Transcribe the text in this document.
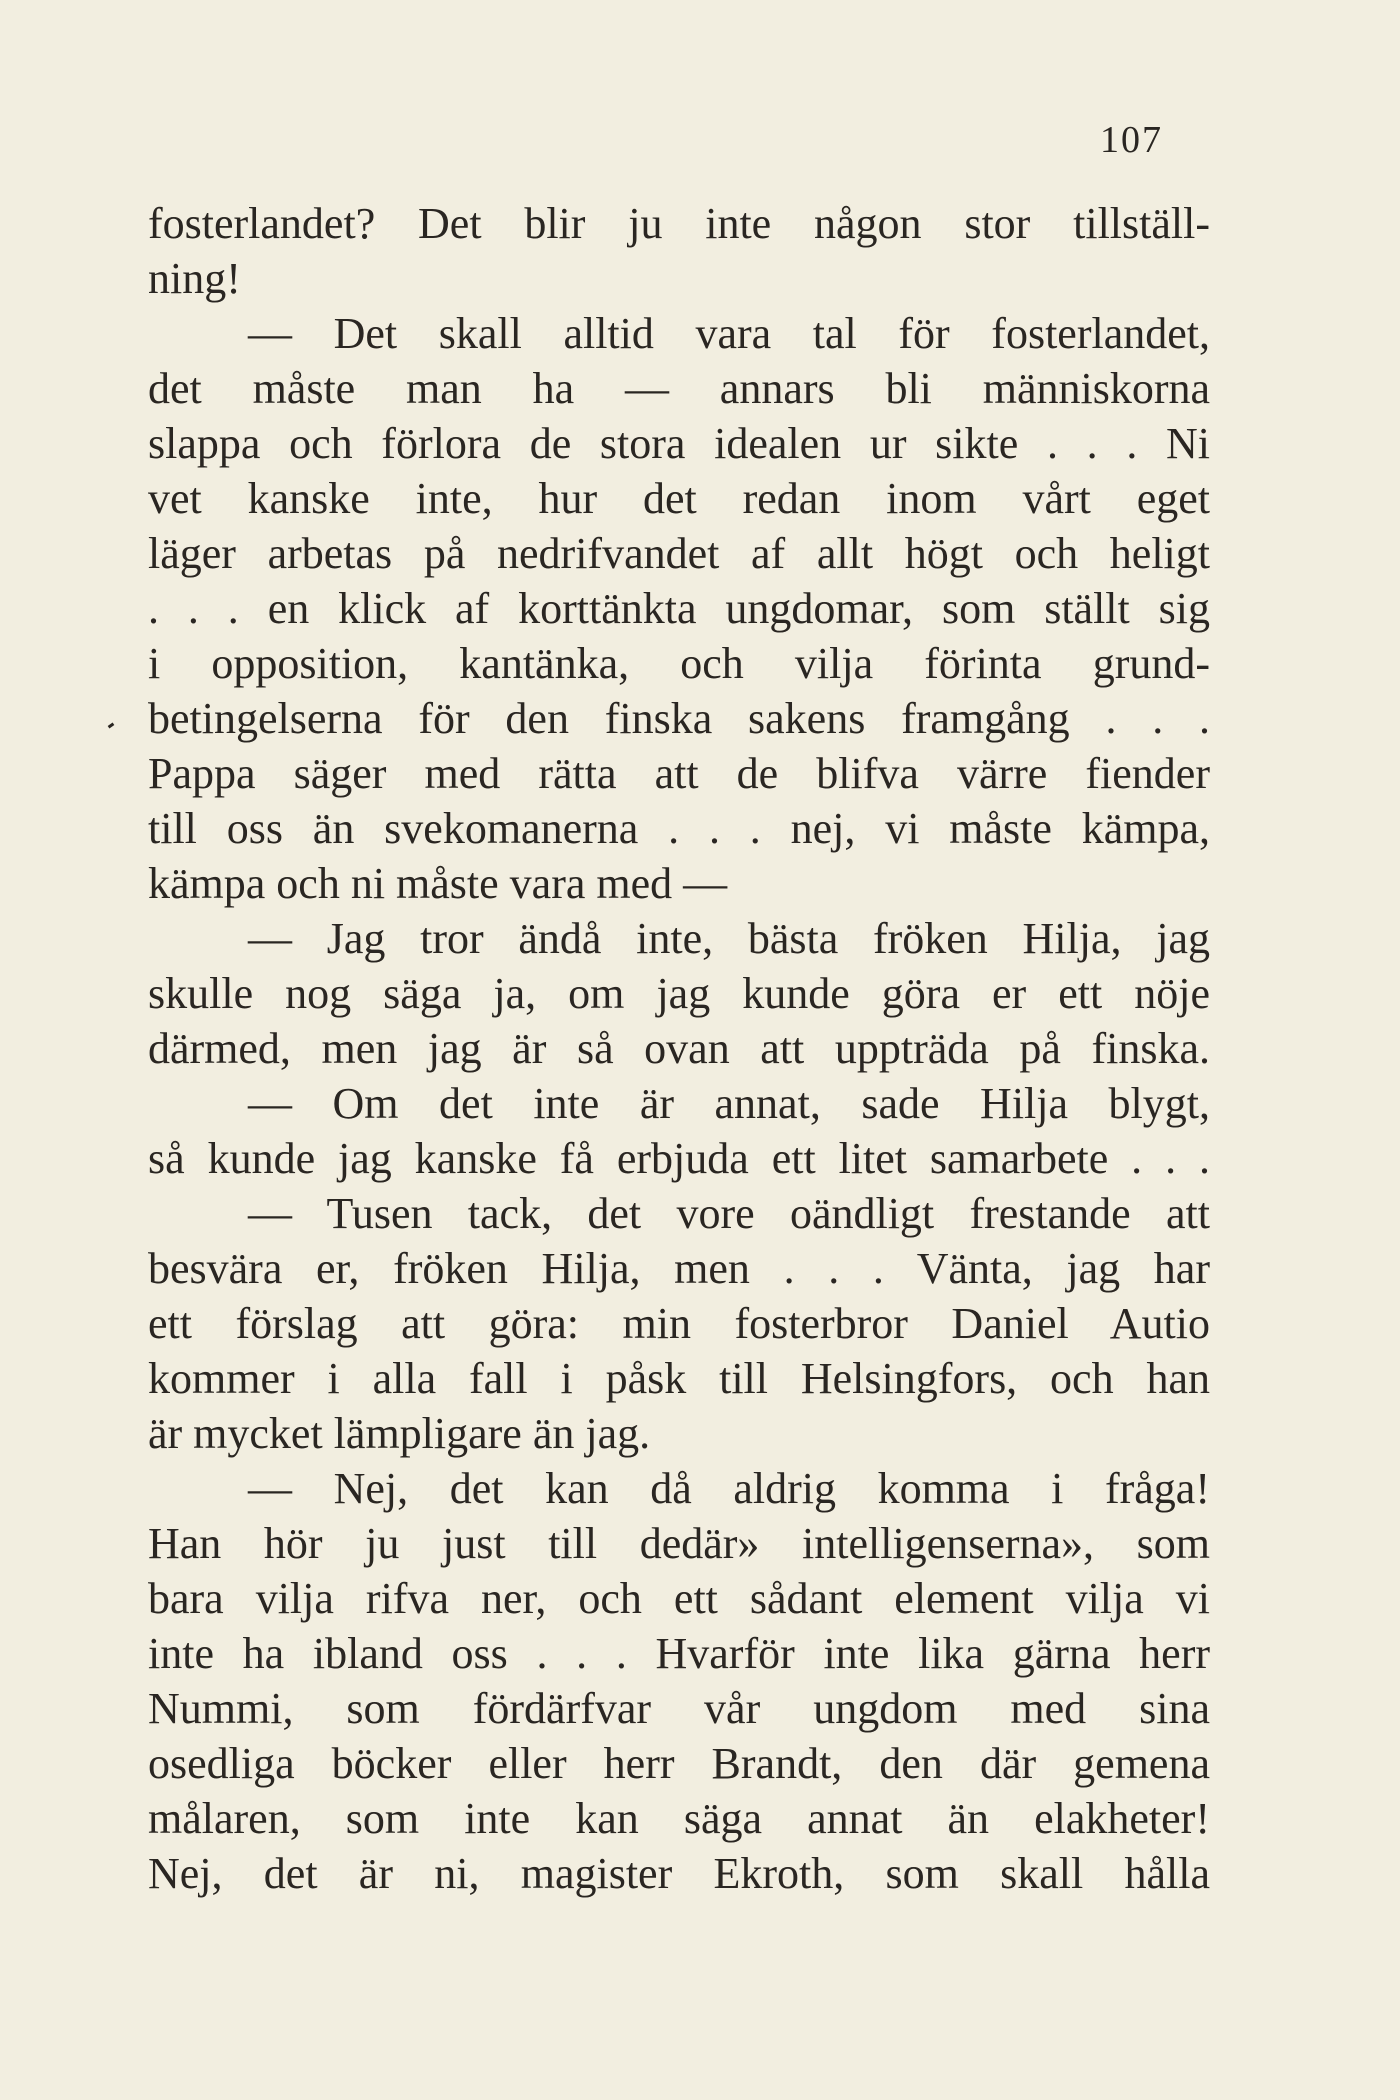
107
fosterlandet? Det blir ju inte någon stor tillställ-
ning!
— Det skall alltid vara tal för fosterlandet,
det måste man ha — annars bli människorna
slappa och förlora de stora idealen ur sikte . . . Ni
vet kanske inte, hur det redan inom vårt eget
läger arbetas på nedrifvandet af allt högt och heligt
. . . en klick af korttänkta ungdomar, som ställt sig
i opposition, kantänka, och vilja förinta grund-
betingelserna för den finska sakens framgång . . .
Pappa säger med rätta att de blifva värre fiender
till oss än svekomanerna . . . nej, vi måste kämpa,
kämpa och ni måste vara med —
— Jag tror ändå inte, bästa fröken Hilja, jag
skulle nog säga ja, om jag kunde göra er ett nöje
därmed, men jag är så ovan att uppträda på finska.
— Om det inte är annat, sade Hilja blygt,
så kunde jag kanske få erbjuda ett litet samarbete . . .
— Tusen tack, det vore oändligt frestande att
besvära er, fröken Hilja, men . . . Vänta, jag har
ett förslag att göra: min fosterbror Daniel Autio
kommer i alla fall i påsk till Helsingfors, och han
är mycket lämpligare än jag.
— Nej, det kan då aldrig komma i fråga!
Han hör ju just till dedär» intelligenserna», som
bara vilja rifva ner, och ett sådant element vilja vi
inte ha ibland oss . . . Hvarför inte lika gärna herr
Nummi, som fördärfvar vår ungdom med sina
osedliga böcker eller herr Brandt, den där gemena
målaren, som inte kan säga annat än elakheter!
Nej, det är ni, magister Ekroth, som skall hålla
